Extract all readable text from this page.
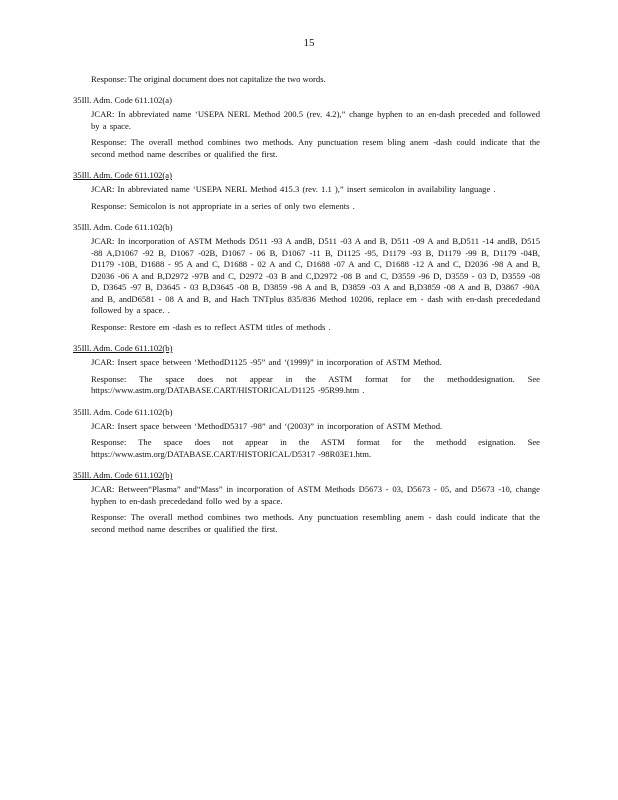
15

Response: The original document does not capitalize the two words.

35Ill. Adm. Code 611.102(a)

JCAR: In abbreviated name ‘USEPA NERL Method 200.5 (rev. 4.2),” change hyphen to an en-dash preceded and followed by a space.

Response: The overall method combines two methods. Any punctuation resem bling anem -dash could indicate that the second method name describes or qualified the first.

35Ill. Adm. Code 611.102(a)

JCAR: In abbreviated name ‘USEPA NERL Method 415.3 (rev. 1.1 ),” insert semicolon in availability language .

Response: Semicolon is not appropriate in a series of only two elements .

35Ill. Adm. Code 611.102(b)

JCAR: In incorporation of ASTM Methods D511 -93 A andB, D511 -03 A and B, D511 -09 A and B,D511 -14 andB, D515 -88 A,D1067 -92 B, D1067 -02B, D1067 - 06 B, D1067 -11 B, D1125 -95, D1179 -93 B, D1179 -99 B, D1179 -04B, D1179 -10B, D1688 - 95 A and C, D1688 - 02 A and C, D1688 -07 A and C, D1688 -12 A and C, D2036 -98 A and B, D2036 -06 A and B,D2972 -97B and C, D2972 -03 B and C,D2972 -08 B and C, D3559 -96 D, D3559 - 03 D, D3559 -08 D, D3645 -97 B, D3645 - 03 B,D3645 -08 B, D3859 -98 A and B, D3859 -03 A and B,D3859 -08 A and B, D3867 -90A and B, andD6581 - 08 A and B, and Hach TNTplus 835/836 Method 10206, replace em - dash with en-dash precededand followed by a space. .

Response: Restore em -dash es to reflect ASTM titles of methods .

35Ill. Adm. Code 611.102(b)

JCAR: Insert space between ‘MethodD1125 -95” and ‘(1999)” in incorporation of ASTM Method.

Response: The space does not appear in the ASTM format for the methoddesignation. See https://www.astm.org/DATABASE.CART/HISTORICAL/D1125 -95R99.htm .

35Ill. Adm. Code 611.102(b)

JCAR: Insert space between ‘MethodD5317 -98” and ‘(2003)” in incorporation of ASTM Method.

Response: The space does not appear in the ASTM format for the methodd esignation. See https://www.astm.org/DATABASE.CART/HISTORICAL/D5317 -98R03E1.htm.

35Ill. Adm. Code 611.102(b)

JCAR: Between“Plasma” and“Mass” in incorporation of ASTM Methods D5673 - 03, D5673 - 05, and D5673 -10, change hyphen to en-dash precededand follo wed by a space.

Response: The overall method combines two methods. Any punctuation resembling anem - dash could indicate that the second method name describes or qualified the first.
